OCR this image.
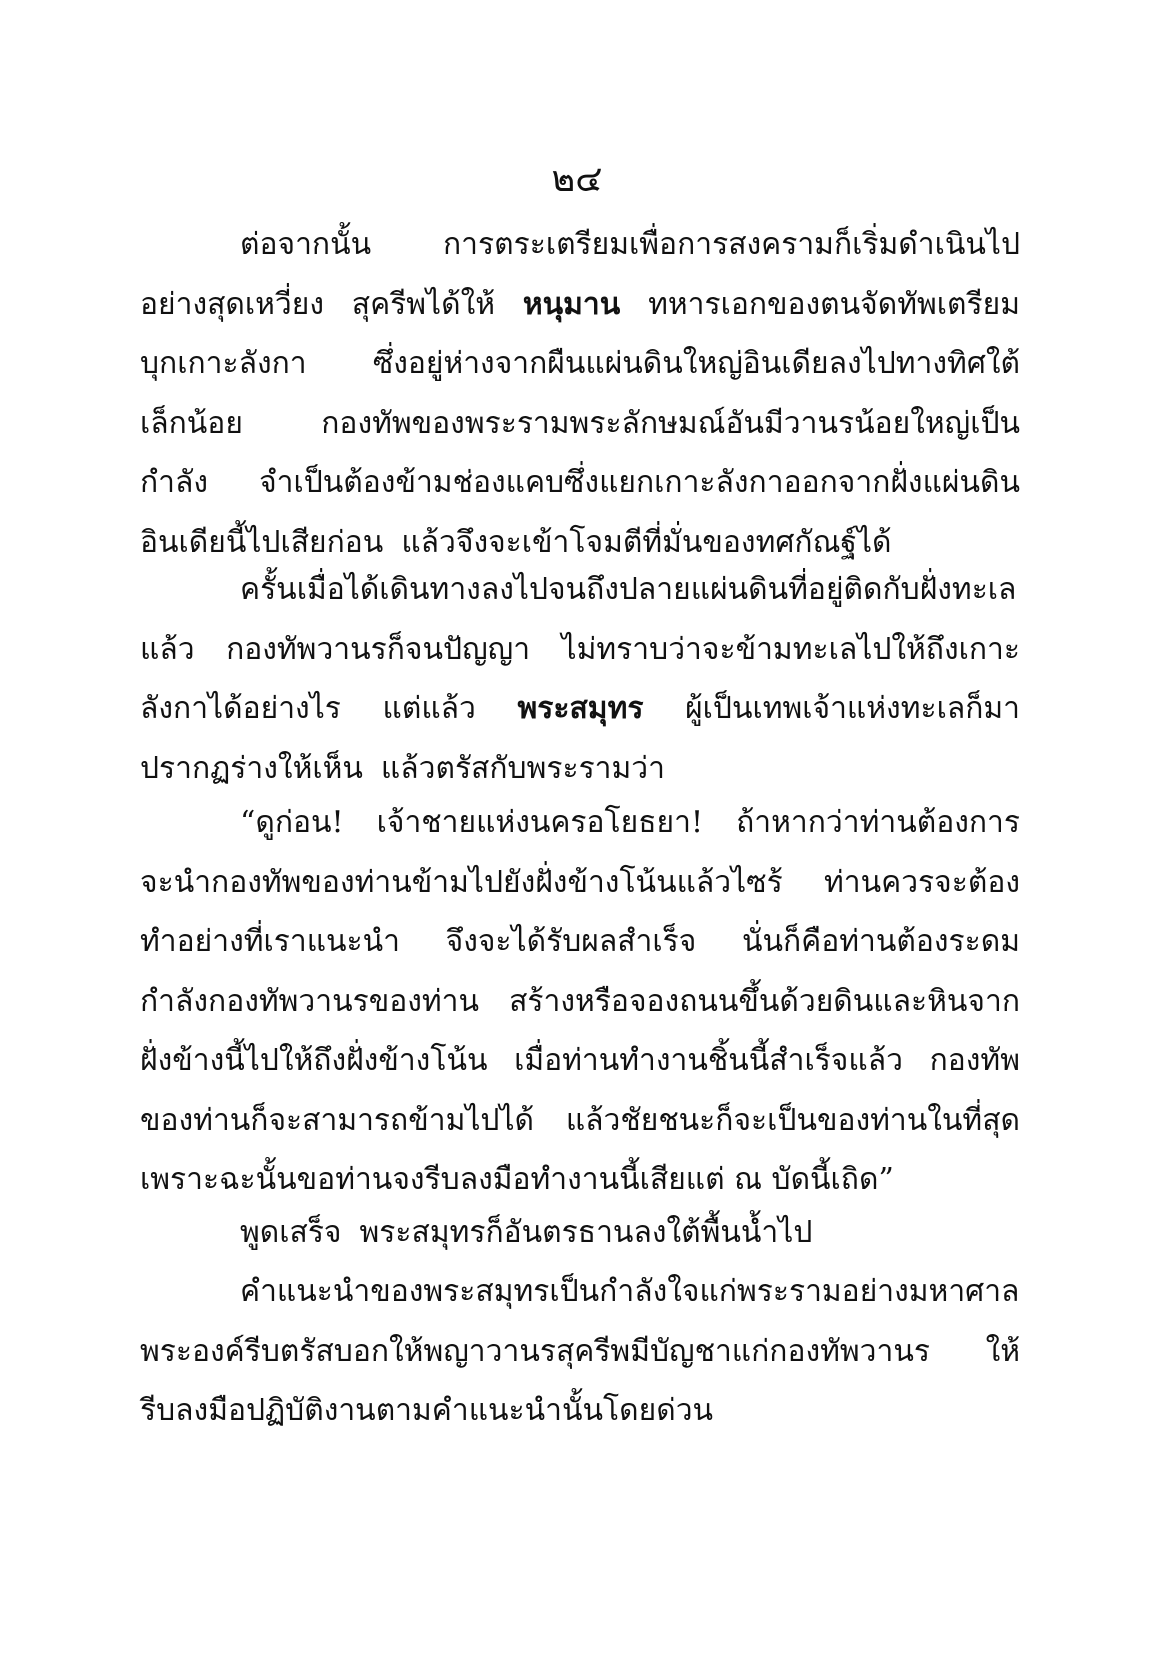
๒๔
ต่อจากนั้น การตระเตรียมเพื่อการสงครามก็เริ่มดำเนินไป
อย่างสุดเหวี่ยง สุครีพได้ให้ หนุมาน ทหารเอกของตนจัดทัพเตรียม
บุกเกาะลังกา ซึ่งอยู่ห่างจากผืนแผ่นดินใหญ่อินเดียลงไปทางทิศใต้
เล็กน้อย	กองทัพของพระรามพระลักษมณ์อันมีวานรน้อยใหญ่เป็น
กำลัง จำเป็นต้องข้ามช่องแคบซึ่งแยกเกาะลังกาออกจากฝั่งแผ่นดิน
อินเดียนี้ไปเสียก่อน แล้วจึงจะเข้าโจมตีที่มั่นของทศกัณฐ์ได้
ครั้นเมื่อได้เดินทางลงไปจนถึงปลายแผ่นดินที่อยู่ติดกับฝั่งทะเล
แล้ว กองทัพวานรก็จนปัญญา ไม่ทราบว่าจะข้ามทะเลไปให้ถึงเกาะ
ลังกาได้อย่างไร แต่แล้ว พระสมุทร ผู้เป็นเทพเจ้าแห่งทะเลก็มา
ปรากฏร่างให้เห็น แล้วตรัสกับพระรามว่า
“ดูก่อน! เจ้าชายแห่งนครอโยธยา! ถ้าหากว่าท่านต้องการ
จะนำกองทัพของท่านข้ามไปยังฝั่งข้างโน้นแล้วไซร้ ท่านควรจะต้อง
ทำอย่างที่เราแนะนำ จึงจะได้รับผลสำเร็จ นั่นก็คือท่านต้องระดม
กำลังกองทัพวานรของท่าน สร้างหรือจองถนนขึ้นด้วยดินและหินจาก
ฝั่งข้างนี้ไปให้ถึงฝั่งข้างโน้น เมื่อท่านทำงานชิ้นนี้สำเร็จแล้ว กองทัพ
ของท่านก็จะสามารถข้ามไปได้ แล้วชัยชนะก็จะเป็นของท่านในที่สุด
เพราะฉะนั้นขอท่านจงรีบลงมือทำงานนี้เสียแต่ ณ บัดนี้เถิด”
พูดเสร็จ พระสมุทรก็อันตรธานลงใต้พื้นน้ำไป
คำแนะนำของพระสมุทรเป็นกำลังใจแก่พระรามอย่างมหาศาล
พระองค์รีบตรัสบอกให้พญาวานรสุครีพมีบัญชาแก่กองทัพวานร ให้
รีบลงมือปฏิบัติงานตามคำแนะนำนั้นโดยด่วน
